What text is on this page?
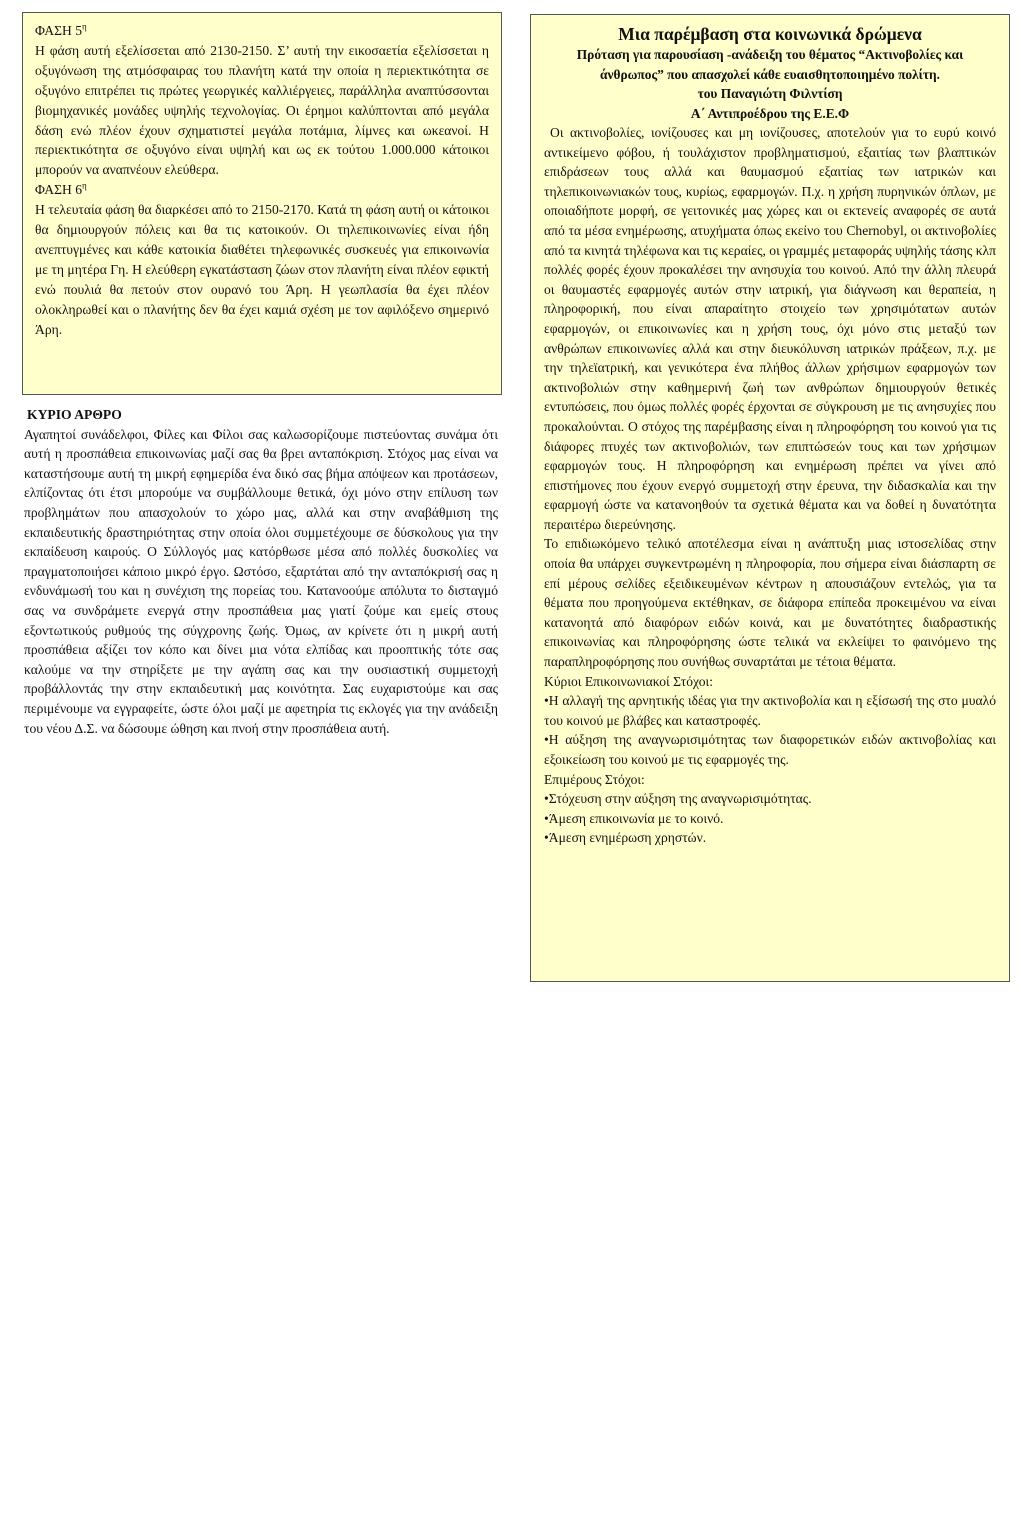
ΦΑΣΗ $5^\eta$

Η φάση αυτή εξελίσσεται από 2130-2150. Σ’ αυτή την εικοσαετία εξελίσσεται η οξυγόνωση της ατμόσφαιρας του πλανήτη κατά την οποία η περιεκτικότητα σε οξυγόνο επιτρέπει τις πρώτες γεωργικές καλλιέργειες, παράλληλα αναπτύσσονται βιομηχανικές μονάδες υψηλής τεχνολογίας. Οι έρημοι καλύπτονται από μεγάλα δάση ενώ πλέον έχουν σχηματιστεί μεγάλα ποτάμια, λίμνες και ωκεανοί. Η περιεκτικότητα σε οξυγόνο είναι υψηλή και ως εκ τούτου 1.000.000 κάτοικοι μπορούν να αναπνέουν ελεύθερα.

ΦΑΣΗ $6^\eta$

Η τελευταία φάση θα διαρκέσει από το 2150-2170. Κατά τη φάση αυτή οι κάτοικοι θα δημιουργούν πόλεις και θα τις κατοικούν. Οι τηλεπικοινωνίες είναι ήδη ανεπτυγμένες και κάθε κατοικία διαθέτει τηλεφωνικές συσκευές για επικοινωνία με τη μητέρα Γη. Η ελεύθερη εγκατάσταση ζώων στον πλανήτη είναι πλέον εφικτή ενώ πουλιά θα πετούν στον ουρανό του Άρη. Η γεωπλασία θα έχει πλέον ολοκληρωθεί και ο πλανήτης δεν θα έχει καμιά σχέση με τον αφιλόξενο σημερινό Άρη.

ΚΥΡΙΟ ΑΡΘΡΟ

Αγαπητοί συνάδελφοι, Φίλες και Φίλοι σας καλωσορίζουμε πιστεύοντας συνάμα ότι αυτή η προσπάθεια επικοινωνίας μαζί σας θα βρει ανταπόκριση. Στόχος μας είναι να καταστήσουμε αυτή τη μικρή εφημερίδα ένα δικό σας βήμα απόψεων και προτάσεων, ελπίζοντας ότι έτσι μπορούμε να συμβάλλουμε θετικά, όχι μόνο στην επίλυση των προβλημάτων που απασχολούν το χώρο μας, αλλά και στην αναβάθμιση της εκπαιδευτικής δραστηριότητας στην οποία όλοι συμμετέχουμε σε δύσκολους για την εκπαίδευση καιρούς. Ο Σύλλογός μας κατόρθωσε μέσα από πολλές δυσκολίες να πραγματοποιήσει κάποιο μικρό έργο. Ωστόσο, εξαρτάται από την ανταπόκρισή σας η ενδυνάμωσή του και η συνέχιση της πορείας του. Κατανοούμε απόλυτα το δισταγμό σας να συνδράμετε ενεργά στην προσπάθεια μας γιατί ζούμε και εμείς στους εξοντωτικούς ρυθμούς της σύγχρονης ζωής. Όμως, αν κρίνετε ότι η μικρή αυτή προσπάθεια αξίζει τον κόπο και δίνει μια νότα ελπίδας και προοπτικής τότε σας καλούμε να την στηρίξετε με την αγάπη σας και την ουσιαστική συμμετοχή προβάλλοντάς την στην εκπαιδευτική μας κοινότητα. Σας ευχαριστούμε και σας περιμένουμε να εγγραφείτε, ώστε όλοι μαζί με αφετηρία τις εκλογές για την ανάδειξη του νέου Δ.Σ. να δώσουμε ώθηση και πνοή στην προσπάθεια αυτή.

Μια παρέμβαση στα κοινωνικά δρώμενα

Πρόταση για παρουσίαση -ανάδειξη του θέματος “Ακτινοβολίες και άνθρωπος” που απασχολεί κάθε ευαισθητοποιημένο πολίτη.

του Παναγιώτη Φιλντίση

Α΄ Αντιπροέδρου της Ε.Ε.Φ

Οι ακτινοβολίες, ιονίζουσες και μη ιονίζουσες, αποτελούν για το ευρύ κοινό αντικείμενο φόβου, ή τουλάχιστον προβληματισμού, εξαιτίας των βλαπτικών επιδράσεων τους αλλά και θαυμασμού εξαιτίας των ιατρικών και τηλεπικοινωνιακών τους, κυρίως, εφαρμογών. Π.χ. η χρήση πυρηνικών όπλων, με οποιαδήποτε μορφή, σε γειτονικές μας χώρες και οι εκτενείς αναφορές σε αυτά από τα μέσα ενημέρωσης, ατυχήματα όπως εκείνο του Chernobyl, οι ακτινοβολίες από τα κινητά τηλέφωνα και τις κεραίες, οι γραμμές μεταφοράς υψηλής τάσης κλπ πολλές φορές έχουν προκαλέσει την ανησυχία του κοινού. Από την άλλη πλευρά οι θαυμαστές εφαρμογές αυτών στην ιατρική, για διάγνωση και θεραπεία, η πληροφορική, που είναι απαραίτητο στοιχείο των χρησιμότατων αυτών εφαρμογών, οι επικοινωνίες και η χρήση τους, όχι μόνο στις μεταξύ των ανθρώπων επικοινωνίες αλλά και στην διευκόλυνση ιατρικών πράξεων, π.χ. με την τηλεϊατρική, και γενικότερα ένα πλήθος άλλων χρήσιμων εφαρμογών των ακτινοβολιών στην καθημερινή ζωή των ανθρώπων δημιουργούν θετικές εντυπώσεις, που όμως πολλές φορές έρχονται σε σύγκρουση με τις ανησυχίες που προκαλούνται. Ο στόχος της παρέμβασης είναι η πληροφόρηση του κοινού για τις διάφορες πτυχές των ακτινοβολιών, των επιπτώσεών τους και των χρήσιμων εφαρμογών τους. Η πληροφόρηση και ενημέρωση πρέπει να γίνει από επιστήμονες που έχουν ενεργό συμμετοχή στην έρευνα, την διδασκαλία και την εφαρμογή ώστε να κατανοηθούν τα σχετικά θέματα και να δοθεί η δυνατότητα περαιτέρω διερεύνησης.

Το επιδιωκόμενο τελικό αποτέλεσμα είναι η ανάπτυξη μιας ιστοσελίδας στην οποία θα υπάρχει συγκεντρωμένη η πληροφορία, που σήμερα είναι διάσπαρτη σε επί μέρους σελίδες εξειδικευμένων κέντρων η απουσιάζουν εντελώς, για τα θέματα που προηγούμενα εκτέθηκαν, σε διάφορα επίπεδα προκειμένου να είναι κατανοητά από διαφόρων ειδών κοινά, και με δυνατότητες διαδραστικής επικοινωνίας και πληροφόρησης ώστε τελικά να εκλείψει το φαινόμενο της παραπληροφόρησης που συνήθως συναρτάται με τέτοια θέματα.

Κύριοι Επικοινωνιακοί Στόχοι:

•Η αλλαγή της αρνητικής ιδέας για την ακτινοβολία και η εξίσωσή της στο μυαλό του κοινού με βλάβες και καταστροφές.

•Η αύξηση της αναγνωρισιμότητας των διαφορετικών ειδών ακτινοβολίας και εξοικείωση του κοινού με τις εφαρμογές της.

Επιμέρους Στόχοι:

•Στόχευση στην αύξηση της αναγνωρισιμότητας.

•Άμεση επικοινωνία με το κοινό.

•Άμεση ενημέρωση χρηστών.
